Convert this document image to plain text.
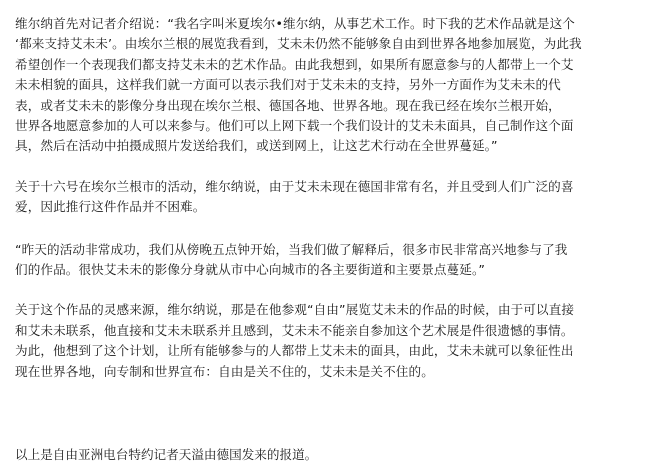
维尔纳首先对记者介绍说：“我名字叫米夏埃尔•维尔纳，从事艺术工作。时下我的艺术作品就是这个
‘都来支持艾未未’。由埃尔兰根的展览我看到，艾未未仍然不能够象自由到世界各地参加展览，为此我
希望创作一个表现我们都支持艾未未的艺术作品。由此我想到，如果所有愿意参与的人都带上一个艾
未未相貌的面具，这样我们就一方面可以表示我们对于艾未未的支持，另外一方面作为艾未未的代
表，或者艾未未的影像分身出现在埃尔兰根、德国各地、世界各地。现在我已经在埃尔兰根开始，
世界各地愿意参加的人可以来参与。他们可以上网下载一个我们设计的艾未未面具，自己制作这个面
具，然后在活动中拍摄成照片发送给我们，或送到网上，让这艺术行动在全世界蔓延。”

关于十六号在埃尔兰根市的活动，维尔纳说，由于艾未未现在德国非常有名，并且受到人们广泛的喜
爱，因此推行这件作品并不困难。

“昨天的活动非常成功，我们从傍晚五点钟开始，当我们做了解释后，很多市民非常高兴地参与了我
们的作品。很快艾未未的影像分身就从市中心向城市的各主要街道和主要景点蔓延。”

关于这个作品的灵感来源，维尔纳说，那是在他参观“自由”展览艾未未的作品的时候，由于可以直接
和艾未未联系，他直接和艾未未联系并且感到，艾未未不能亲自参加这个艺术展是件很遗憾的事情。
为此，他想到了这个计划，让所有能够参与的人都带上艾未未的面具，由此，艾未未就可以象征性出
现在世界各地，向专制和世界宣布：自由是关不住的，艾未未是关不住的。

以上是自由亚洲电台特约记者天溢由德国发来的报道。
